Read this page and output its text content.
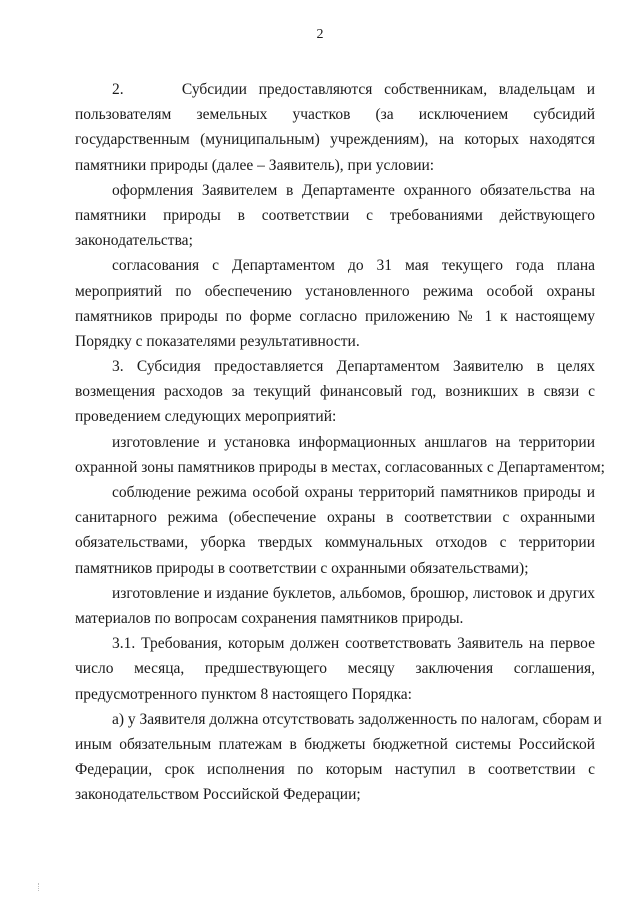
2
2.     Субсидии предоставляются собственникам, владельцам и
пользователям земельных участков (за исключением субсидий
государственным (муниципальным) учреждениям), на которых находятся
памятники природы (далее – Заявитель), при условии:
оформления Заявителем в Департаменте охранного обязательства на
памятники природы в соответствии с требованиями действующего
законодательства;
согласования с Департаментом до 31 мая текущего года плана
мероприятий по обеспечению установленного режима особой охраны
памятников природы по форме согласно приложению № 1 к настоящему
Порядку с показателями результативности.
3. Субсидия предоставляется Департаментом Заявителю в целях
возмещения расходов за текущий финансовый год, возникших в связи с
проведением следующих мероприятий:
изготовление и установка информационных аншлагов на территории
охранной зоны памятников природы в местах, согласованных с Департаментом;
соблюдение режима особой охраны территорий памятников природы и
санитарного режима (обеспечение охраны в соответствии с охранными
обязательствами, уборка твердых коммунальных отходов с территории
памятников природы в соответствии с охранными обязательствами);
изготовление и издание буклетов, альбомов, брошюр, листовок и других
материалов по вопросам сохранения памятников природы.
3.1. Требования, которым должен соответствовать Заявитель на первое
число месяца, предшествующего месяцу заключения соглашения,
предусмотренного пунктом 8 настоящего Порядка:
а) у Заявителя должна отсутствовать задолженность по налогам, сборам и
иным обязательным платежам в бюджеты бюджетной системы Российской
Федерации, срок исполнения по которым наступил в соответствии с
законодательством Российской Федерации;
